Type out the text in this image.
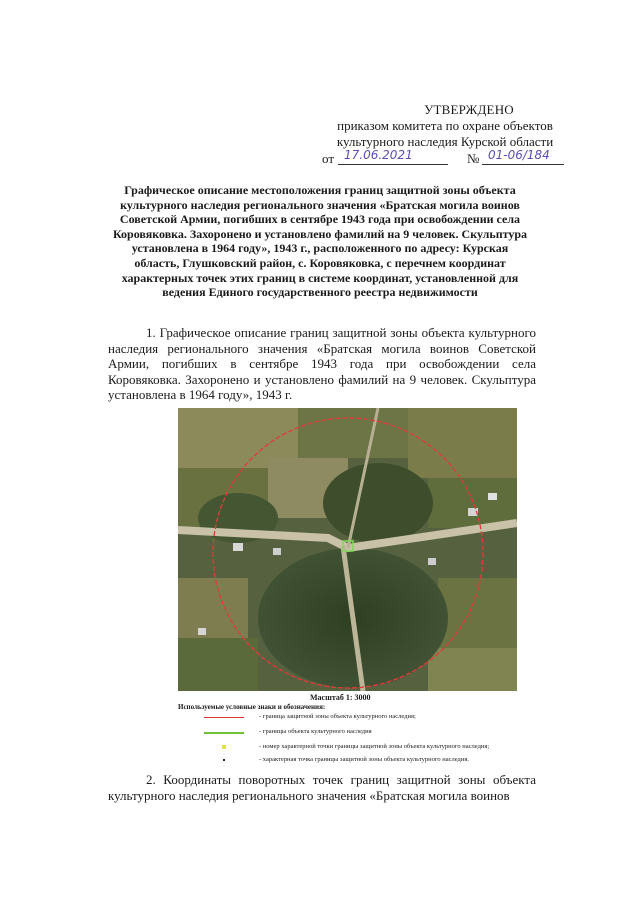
УТВЕРЖДЕНО
приказом комитета по охране объектов
культурного наследия Курской области
от 17.06.2021	№ 01-06/184
Графическое описание местоположения границ защитной зоны объекта культурного наследия регионального значения «Братская могила воинов Советской Армии, погибших в сентябре 1943 года при освобождении села Коровяковка. Захоронено и установлено фамилий на 9 человек. Скульптура установлена в 1964 году», 1943 г., расположенного по адресу: Курская область, Глушковский район, с. Коровяковка, с перечнем координат характерных точек этих границ в системе координат, установленной для ведения Единого государственного реестра недвижимости
1. Графическое описание границ защитной зоны объекта культурного наследия регионального значения «Братская могила воинов Советской Армии, погибших в сентябре 1943 года при освобождении села Коровяковка. Захоронено и установлено фамилий на 9 человек. Скульптура установлена в 1964 году», 1943 г.
Масштаб 1: 3000
Используемые условные знаки и обозначения:
- граница защитной зоны объекта культурного наследия;
- границы объекта культурного наследия
- номер характерной точки границы защитной зоны объекта культурного наследия;
- характерная точка границы защитной зоны объекта культурного наследия.
2. Координаты поворотных точек границ защитной зоны объекта культурного наследия регионального значения «Братская могила воинов
